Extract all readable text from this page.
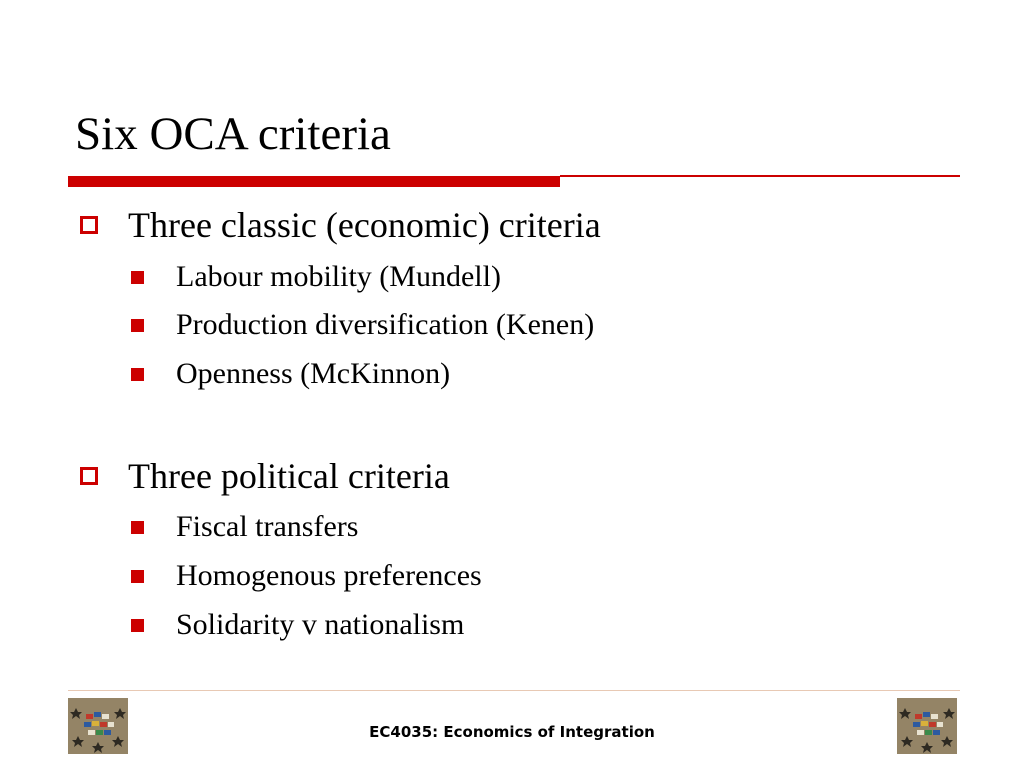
Six OCA criteria
Three classic (economic) criteria
Labour mobility (Mundell)
Production diversification (Kenen)
Openness (McKinnon)
Three political criteria
Fiscal transfers
Homogenous preferences
Solidarity v nationalism
EC4035: Economics of Integration
